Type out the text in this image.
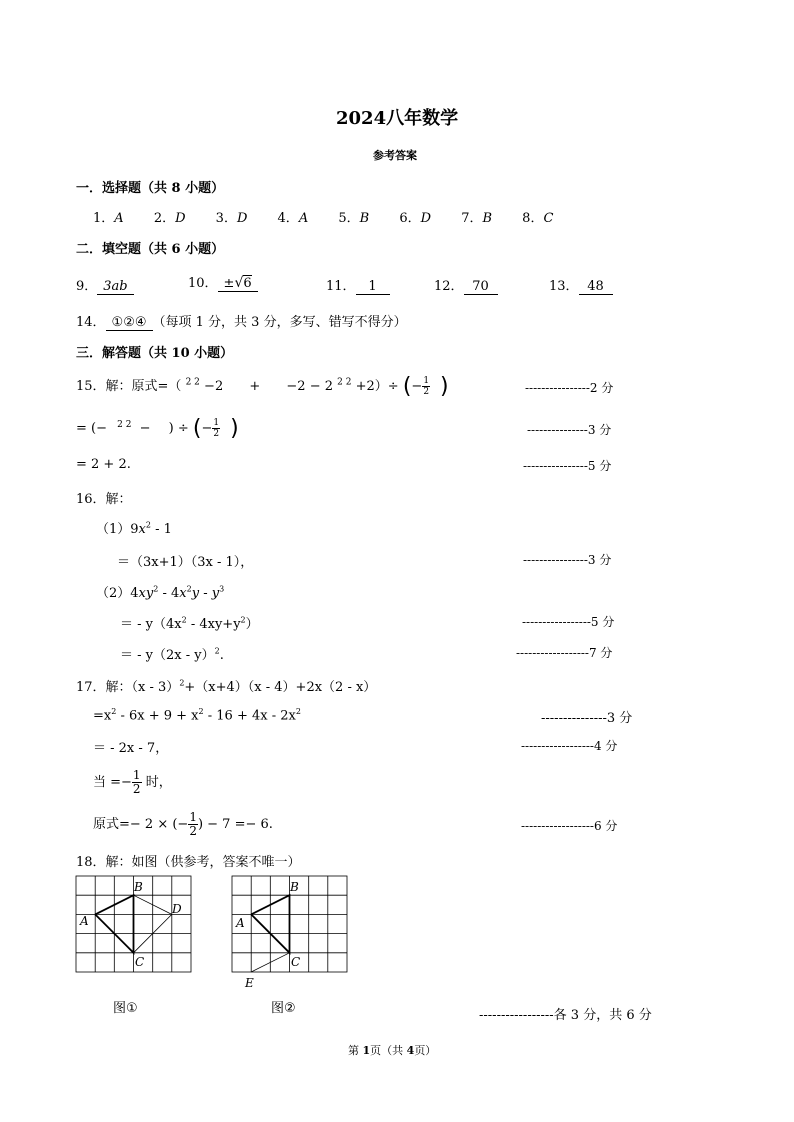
2024八年数学
参考答案
一．选择题（共 8 小题）
1．A 2．D 3．D 4．A 5．B 6．D 7．B 8．C
二．填空题（共 6 小题）
9． 3ab	10． ±√6	11． 1	12． 70	13． 48
14． ①②④ （每项 1 分，共 3 分，多写、错写不得分）
三．解答题（共 10 小题）
15．解：原式=（ $^{2 2}$ −2 + −2 − 2 $^{2 2}$ +2）÷ (− $\frac{1}{2}$ )	----------------2 分
= (− $^{2 2}$ − ) ÷ (− $\frac{1}{2}$ )	---------------3 分
= 2 + 2.	----------------5 分
16．解：
$(1)9x^2 - 1$
＝（3x+1）（3x - 1），	----------------3 分
$(2)4xy^2 - 4x^2y - y^3$
＝ - $y(4x^2 - 4xy+y^2)$	-----------------5 分
＝ - y（2x - y）$^2$.	------------------7 分
17．解：（x - 3）$^2$+（x+4）（x - 4）+2x（2 - x）
$=x^2 - 6x + 9 + x^2 - 16 + 4x - 2x^2$	---------------3 分
＝ - 2x - 7，	------------------4 分
当 =− $\frac{1}{2}$ 时，
原式=− 2 × (− $\frac{1}{2}$ ) − 7 =− 6.	------------------6 分
18．解：如图（供参考，答案不唯一）
A
B
C
D
图①
A
B
C
E
图②	-----------------各 3 分，共 6 分
第 1页（共 4页）
